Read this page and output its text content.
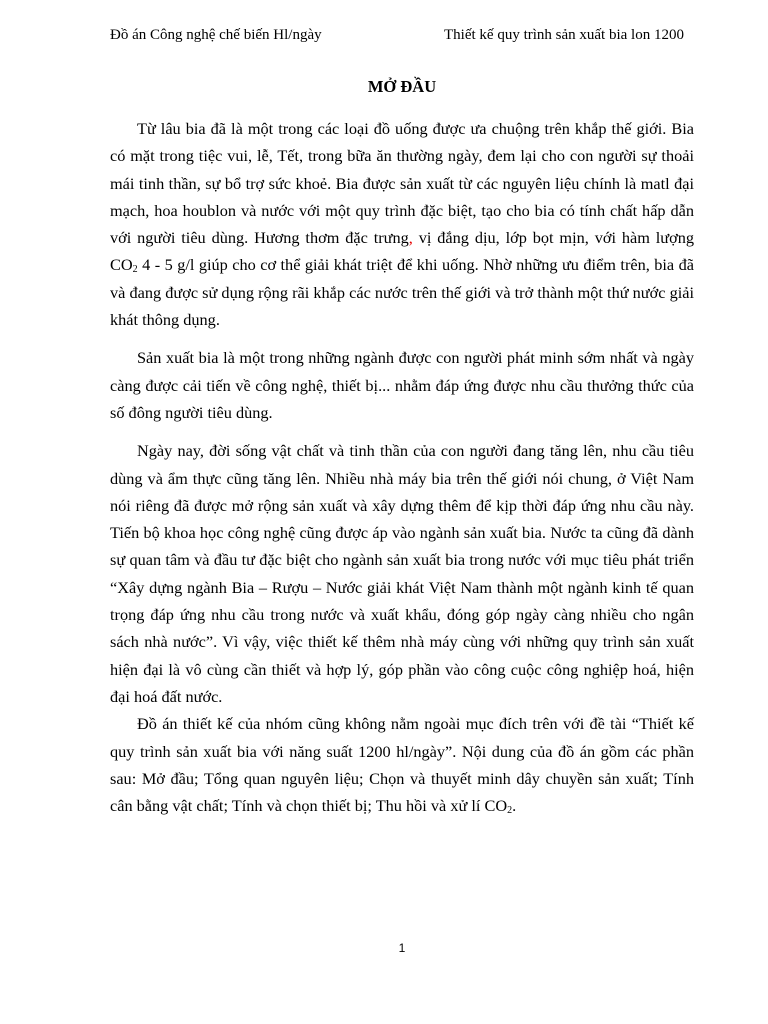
Đồ án Công nghệ chế biến Hl/ngày	Thiết kế quy trình sản xuất bia lon 1200
MỞ ĐẦU

Từ lâu bia đã là một trong các loại đồ uống được ưa chuộng trên khắp thế giới. Bia có mặt trong tiệc vui, lễ, Tết, trong bữa ăn thường ngày, đem lại cho con người sự thoải mái tinh thần, sự bổ trợ sức khoẻ. Bia được sản xuất từ các nguyên liệu chính là matl đại mạch, hoa houblon và nước với một quy trình đặc biệt, tạo cho bia có tính chất hấp dẫn với người tiêu dùng. Hương thơm đặc trưng, vị đắng dịu, lớp bọt mịn, với hàm lượng $CO_2$ 4 - 5 g/l giúp cho cơ thể giải khát triệt để khi uống. Nhờ những ưu điểm trên, bia đã và đang được sử dụng rộng rãi khắp các nước trên thế giới và trở thành một thứ nước giải khát thông dụng.

Sản xuất bia là một trong những ngành được con người phát minh sớm nhất và ngày càng được cải tiến về công nghệ, thiết bị... nhằm đáp ứng được nhu cầu thưởng thức của số đông người tiêu dùng.

Ngày nay, đời sống vật chất và tinh thần của con người đang tăng lên, nhu cầu tiêu dùng và ẩm thực cũng tăng lên. Nhiều nhà máy bia trên thế giới nói chung, ở Việt Nam nói riêng đã được mở rộng sản xuất và xây dựng thêm để kịp thời đáp ứng nhu cầu này. Tiến bộ khoa học công nghệ cũng được áp vào ngành sản xuất bia. Nước ta cũng đã dành sự quan tâm và đầu tư đặc biệt cho ngành sản xuất bia trong nước với mục tiêu phát triển “Xây dựng ngành Bia – Rượu – Nước giải khát Việt Nam thành một ngành kinh tế quan trọng đáp ứng nhu cầu trong nước và xuất khẩu, đóng góp ngày càng nhiều cho ngân sách nhà nước”. Vì vậy, việc thiết kế thêm nhà máy cùng với những quy trình sản xuất hiện đại là vô cùng cần thiết và hợp lý, góp phần vào công cuộc công nghiệp hoá, hiện đại hoá đất nước.

Đồ án thiết kế của nhóm cũng không nằm ngoài mục đích trên với đề tài “Thiết kế quy trình sản xuất bia với năng suất 1200 hl/ngày”. Nội dung của đồ án gồm các phần sau: Mở đầu; Tổng quan nguyên liệu; Chọn và thuyết minh dây chuyền sản xuất; Tính cân bằng vật chất; Tính và chọn thiết bị; Thu hồi và xử lí $CO_2$.

1
